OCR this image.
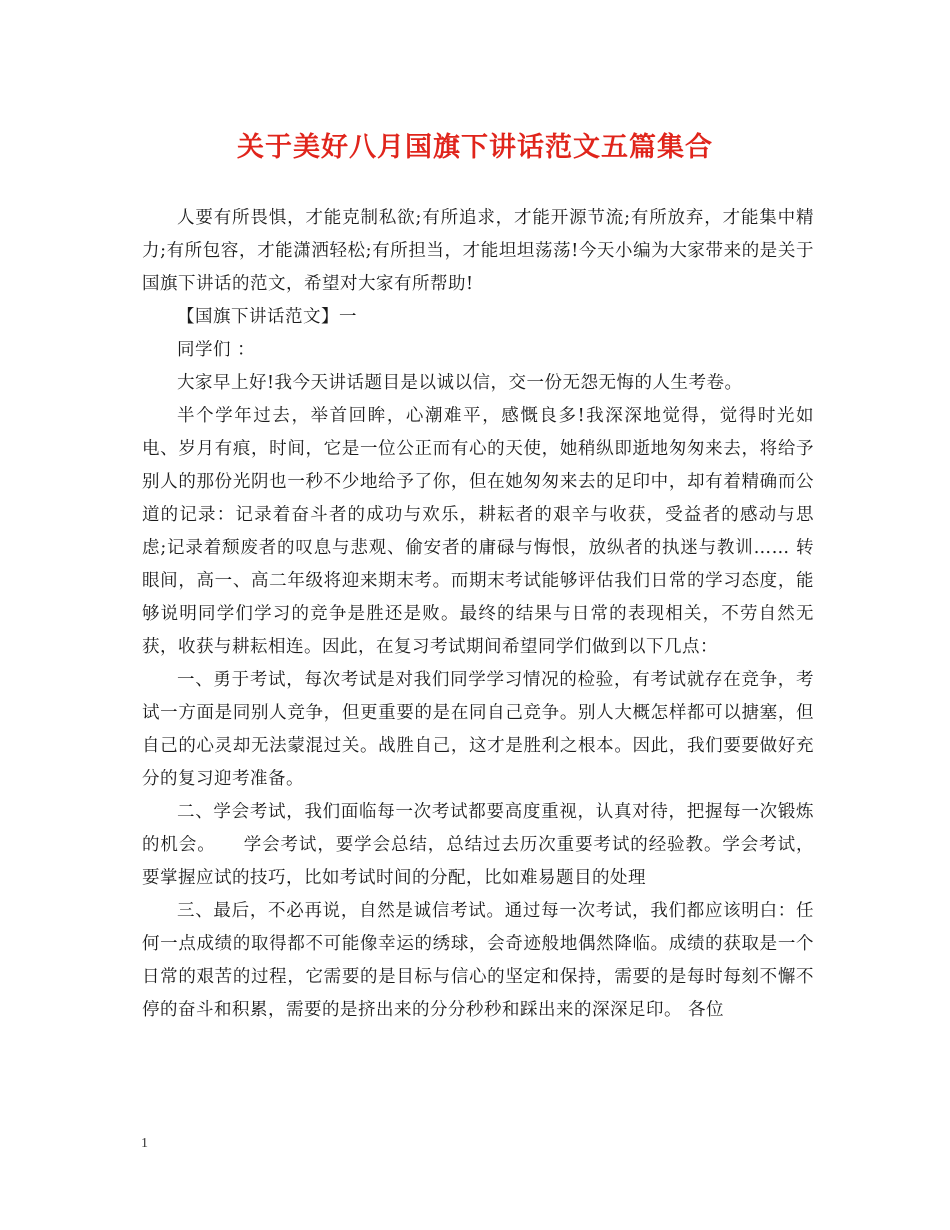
关于美好八月国旗下讲话范文五篇集合

人要有所畏惧，才能克制私欲;有所追求，才能开源节流;有所放弃，才能集中精力;有所包容，才能潇洒轻松;有所担当，才能坦坦荡荡!今天小编为大家带来的是关于国旗下讲话的范文，希望对大家有所帮助!

【国旗下讲话范文】一

同学们 ：

大家早上好!我今天讲话题目是以诚以信，交一份无怨无悔的人生考卷。

半个学年过去，举首回眸，心潮难平，感慨良多!我深深地觉得，觉得时光如电、岁月有痕，时间，它是一位公正而有心的天使，她稍纵即逝地匆匆来去，将给予别人的那份光阴也一秒不少地给予了你，但在她匆匆来去的足印中，却有着精确而公道的记录：记录着奋斗者的成功与欢乐，耕耘者的艰辛与收获，受益者的感动与思虑;记录着颓废者的叹息与悲观、偷安者的庸碌与悔恨，放纵者的执迷与教训…… 转眼间，高一、高二年级将迎来期末考。而期末考试能够评估我们日常的学习态度，能够说明同学们学习的竞争是胜还是败。最终的结果与日常的表现相关，不劳自然无获，收获与耕耘相连。因此，在复习考试期间希望同学们做到以下几点：

一、勇于考试，每次考试是对我们同学学习情况的检验，有考试就存在竞争，考试一方面是同别人竞争，但更重要的是在同自己竞争。别人大概怎样都可以搪塞，但自己的心灵却无法蒙混过关。战胜自己，这才是胜利之根本。因此，我们要要做好充分的复习迎考准备。

二、学会考试，我们面临每一次考试都要高度重视，认真对待，把握每一次锻炼的机会。　　学会考试，要学会总结，总结过去历次重要考试的经验教。学会考试，要掌握应试的技巧，比如考试时间的分配，比如难易题目的处理

三、最后，不必再说，自然是诚信考试。通过每一次考试，我们都应该明白：任何一点成绩的取得都不可能像幸运的绣球，会奇迹般地偶然降临。成绩的获取是一个日常的艰苦的过程，它需要的是目标与信心的坚定和保持，需要的是每时每刻不懈不停的奋斗和积累，需要的是挤出来的分分秒秒和踩出来的深深足印。 各位

1
